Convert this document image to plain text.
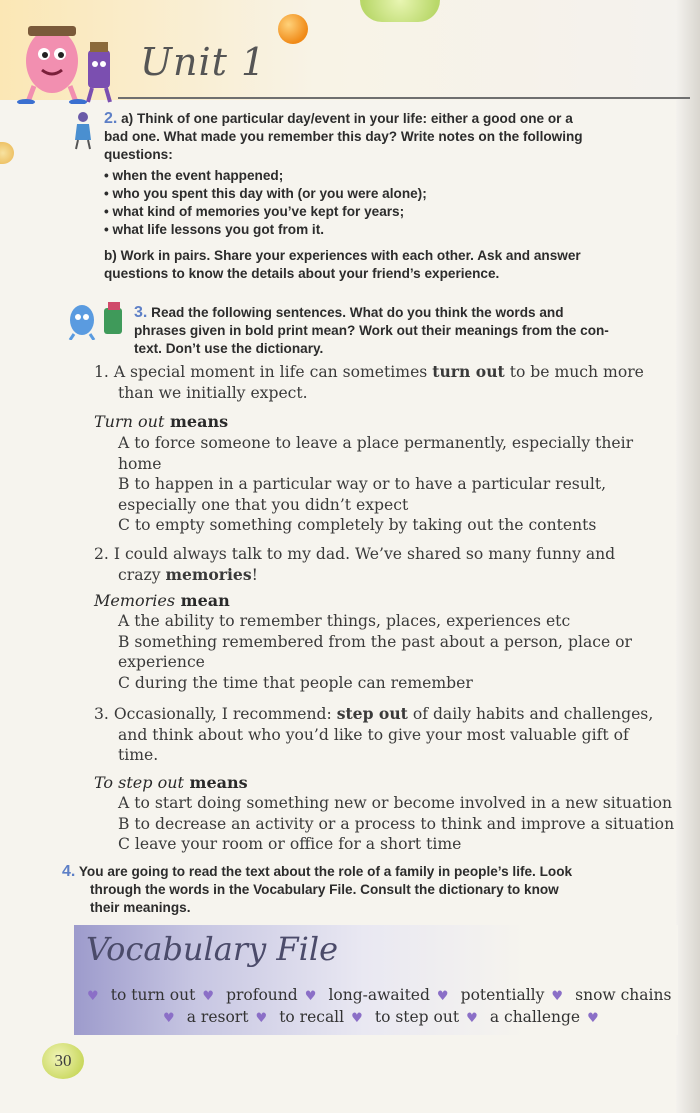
Unit 1
2. a) Think of one particular day/event in your life: either a good one or a
bad one. What made you remember this day? Write notes on the following
questions:
• when the event happened;
• who you spent this day with (or you were alone);
• what kind of memories you’ve kept for years;
• what life lessons you got from it.
b) Work in pairs. Share your experiences with each other. Ask and answer
questions to know the details about your friend’s experience.
3. Read the following sentences. What do you think the words and
phrases given in bold print mean? Work out their meanings from the con-
text. Don’t use the dictionary.
1. A special moment in life can sometimes turn out to be much more
than we initially expect.
Turn out means
A to force someone to leave a place permanently, especially their
home
B to happen in a particular way or to have a particular result,
especially one that you didn’t expect
C to empty something completely by taking out the contents
2. I could always talk to my dad. We’ve shared so many funny and
crazy memories!
Memories mean
A the ability to remember things, places, experiences etc
B something remembered from the past about a person, place or
experience
C during the time that people can remember
3. Occasionally, I recommend: step out of daily habits and challenges,
and think about who you’d like to give your most valuable gift of
time.
To step out means
A to start doing something new or become involved in a new situation
B to decrease an activity or a process to think and improve a situation
C leave your room or office for a short time
4. You are going to read the text about the role of a family in people’s life. Look
through the words in the Vocabulary File. Consult the dictionary to know
their meanings.
Vocabulary File
♥ to turn out ♥ profound ♥ long-awaited ♥ potentially ♥ snow chains
♥ a resort ♥ to recall ♥ to step out ♥ a challenge ♥
30
